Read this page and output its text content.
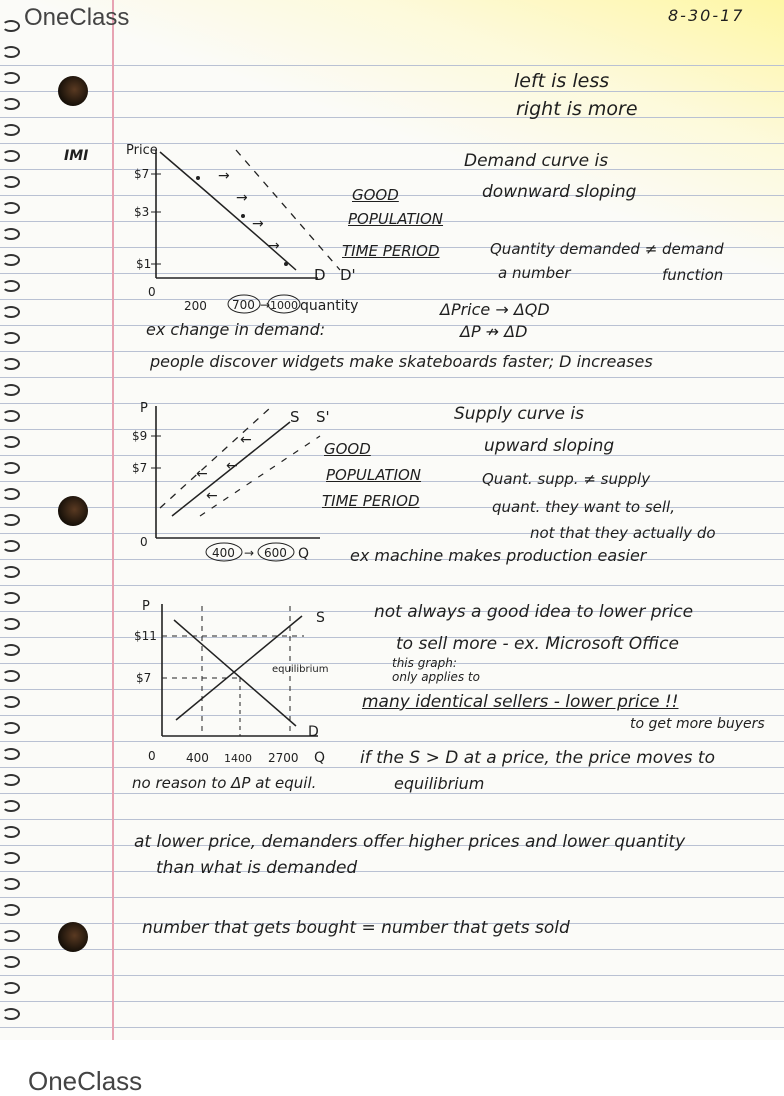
OneClass	8-30-17
left is less
right is more
IMI	Price
$7
$3
$1
0
→
→
→
→
D D'
200 700 → 1000 quantity
Demand curve is
downward sloping
GOOD
POPULATION
TIME PERIOD	Quantity demanded ≠ demand
a number	function
ΔPrice → ΔQD
ΔP ↛ ΔD
ex change in demand:
people discover widgets make skateboards faster; D increases
P
$9
$7
0
←
← ←
←
S S'
400 → 600 Q
Supply curve is
upward sloping
GOOD
POPULATION
TIME PERIOD
Quant. supp. ≠ supply
quant. they want to sell,
not that they actually do
ex machine makes production easier
P
$11
$7
S
D
equilibrium
0	400 1400 2700 Q
not always a good idea to lower price
to sell more - ex. Microsoft Office
this graph:
only applies to
many identical sellers - lower price !!
to get more buyers
if the S > D at a price, the price moves to
no reason to ΔP at equil.	equilibrium
at lower price, demanders offer higher prices and lower quantity
than what is demanded
number that gets bought = number that gets sold
OneClass
